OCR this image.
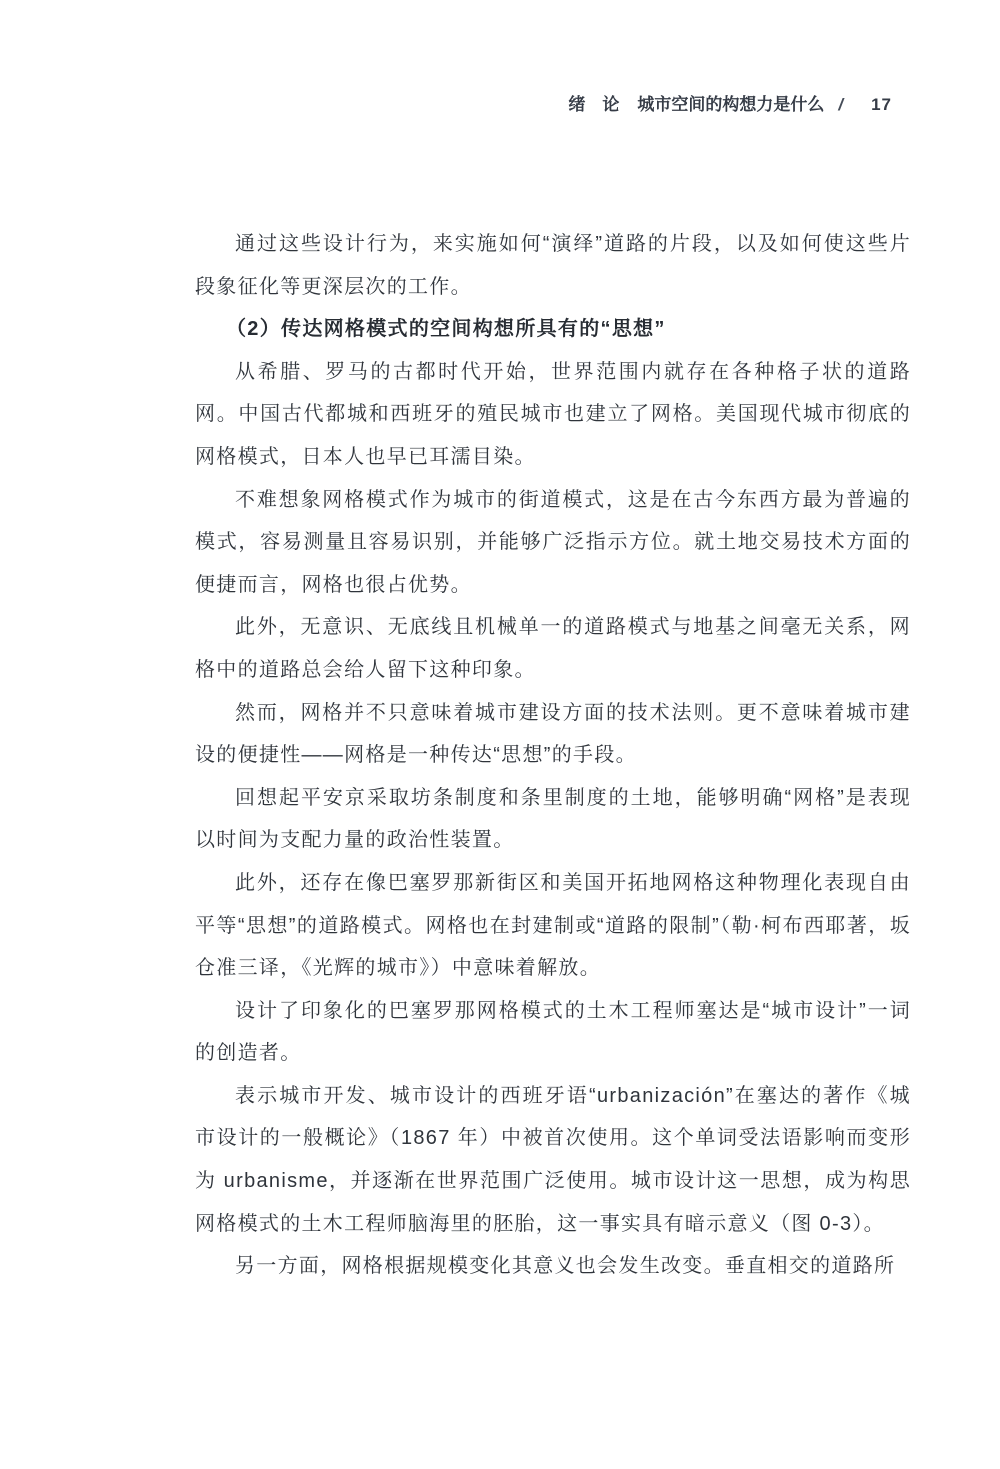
绪　论 城市空间的构想力是什么 / 17

通过这些设计行为，来实施如何“演绎”道路的片段，以及如何使这些片段象征化等更深层次的工作。

（2）传达网格模式的空间构想所具有的“思想”

从希腊、罗马的古都时代开始，世界范围内就存在各种格子状的道路网。中国古代都城和西班牙的殖民城市也建立了网格。美国现代城市彻底的网格模式，日本人也早已耳濡目染。

不难想象网格模式作为城市的街道模式，这是在古今东西方最为普遍的模式，容易测量且容易识别，并能够广泛指示方位。就土地交易技术方面的便捷而言，网格也很占优势。

此外，无意识、无底线且机械单一的道路模式与地基之间毫无关系，网格中的道路总会给人留下这种印象。

然而，网格并不只意味着城市建设方面的技术法则。更不意味着城市建设的便捷性——网格是一种传达“思想”的手段。

回想起平安京采取坊条制度和条里制度的土地，能够明确“网格”是表现以时间为支配力量的政治性装置。

此外，还存在像巴塞罗那新街区和美国开拓地网格这种物理化表现自由平等“思想”的道路模式。网格也在封建制或“道路的限制”（勒·柯布西耶著，坂仓准三译，《光辉的城市》）中意味着解放。

设计了印象化的巴塞罗那网格模式的土木工程师塞达是“城市设计”一词的创造者。

表示城市开发、城市设计的西班牙语“urbanización”在塞达的著作《城市设计的一般概论》（1867 年）中被首次使用。这个单词受法语影响而变形为 urbanisme，并逐渐在世界范围广泛使用。城市设计这一思想，成为构思网格模式的土木工程师脑海里的胚胎，这一事实具有暗示意义（图 0-3）。

另一方面，网格根据规模变化其意义也会发生改变。垂直相交的道路所
